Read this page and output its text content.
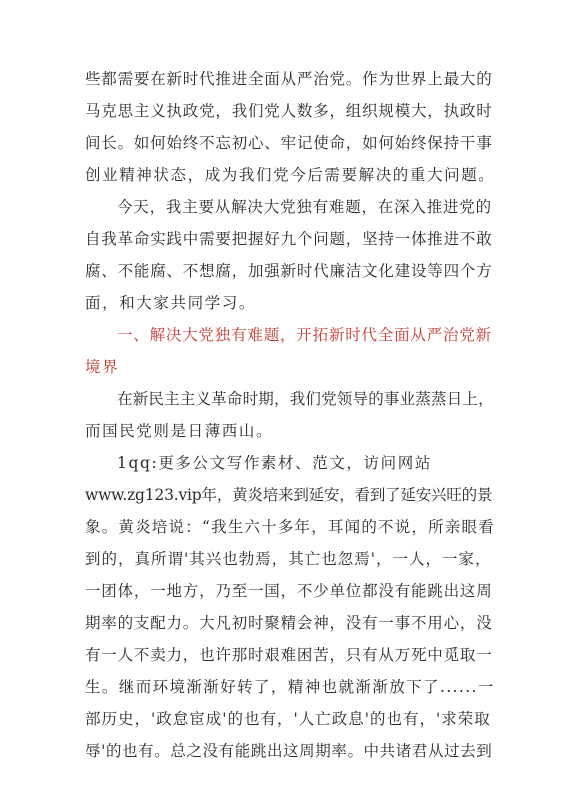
些都需要在新时代推进全面从严治党。作为世界上最大的
马克思主义执政党，我们党人数多，组织规模大，执政时
间长。如何始终不忘初心、牢记使命，如何始终保持干事
创业精神状态，成为我们党今后需要解决的重大问题。
今天，我主要从解决大党独有难题，在深入推进党的
自我革命实践中需要把握好九个问题，坚持一体推进不敢
腐、不能腐、不想腐，加强新时代廉洁文化建设等四个方
面，和大家共同学习。
一、解决大党独有难题，开拓新时代全面从严治党新
境界
在新民主主义革命时期，我们党领导的事业蒸蒸日上，
而国民党则是日薄西山。
1qq:更多公文写作素材、范文，访问网站
www.zg123.vip年，黄炎培来到延安，看到了延安兴旺的景
象。黄炎培说：“我生六十多年，耳闻的不说，所亲眼看
到的，真所谓'其兴也勃焉，其亡也忽焉'，一人，一家，
一团体，一地方，乃至一国，不少单位都没有能跳出这周
期率的支配力。大凡初时聚精会神，没有一事不用心，没
有一人不卖力，也许那时艰难困苦，只有从万死中觅取一
生。继而环境渐渐好转了，精神也就渐渐放下了......一
部历史，'政怠宦成'的也有，'人亡政息'的也有，'求荣取
辱'的也有。总之没有能跳出这周期率。中共诸君从过去到
